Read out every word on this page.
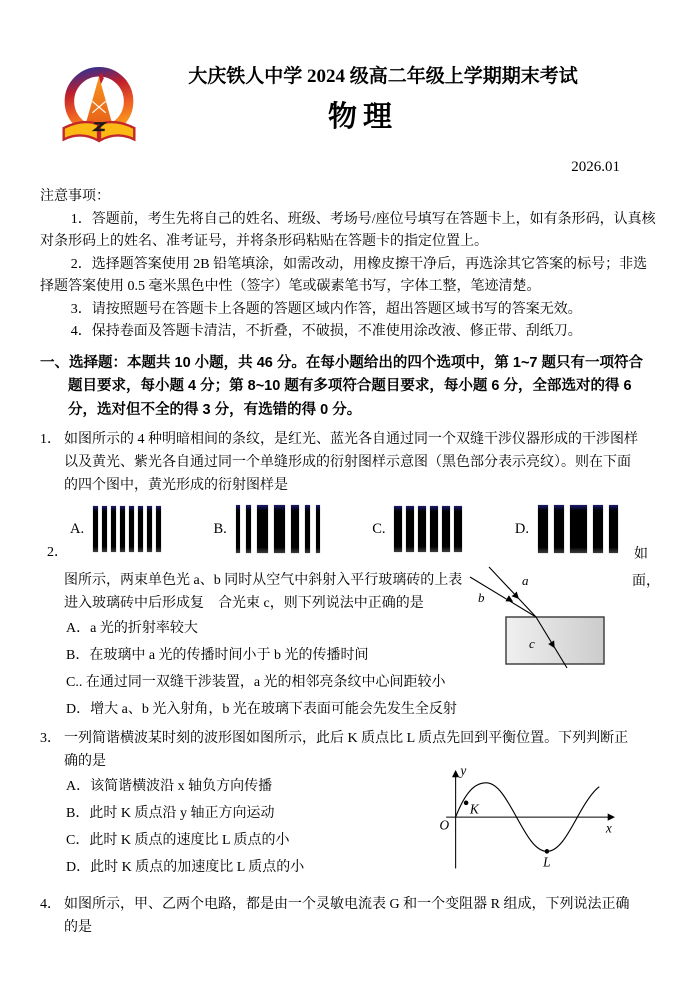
大庆铁人中学 2024 级高二年级上学期期末考试
物理
2026.01

注意事项：

1．答题前，考生先将自己的姓名、班级、考场号/座位号填写在答题卡上，如有条形码，认真核对条形码上的姓名、准考证号，并将条形码粘贴在答题卡的指定位置上。

2．选择题答案使用 2B 铅笔填涂，如需改动，用橡皮擦干净后，再选涂其它答案的标号；非选择题答案使用 0.5 毫米黑色中性（签字）笔或碳素笔书写，字体工整，笔迹清楚。

3．请按照题号在答题卡上各题的答题区域内作答，超出答题区域书写的答案无效。

4．保持卷面及答题卡清洁，不折叠，不破损，不准使用涂改液、修正带、刮纸刀。

一、选择题：本题共 10 小题，共 46 分。在每小题给出的四个选项中，第 1~7 题只有一项符合题目要求，每小题 4 分；第 8~10 题有多项符合题目要求，每小题 6 分，全部选对的得 6 分，选对但不全的得 3 分，有选错的得 0 分。

1． 如图所示的 4 种明暗相间的条纹，是红光、蓝光各自通过同一个双缝干涉仪器形成的干涉图样
以及黄光、紫光各自通过同一个单缝形成的衍射图样示意图（黑色部分表示亮纹）。则在下面
的四个图中，黄光形成的衍射图样是
A.	B.	C.	D.
2．	如
面，
a
b
c
图所示，两束单色光 a、b 同时从空气中斜射入平行玻璃砖的上表
进入玻璃砖中后形成复　合光束 c，则下列说法中正确的是
A．a 光的折射率较大
B．在玻璃中 a 光的传播时间小于 b 光的传播时间
C.. 在通过同一双缝干涉装置，a 光的相邻亮条纹中心间距较小
D．增大 a、b 光入射角，b 光在玻璃下表面可能会先发生全反射
3．
y
x
O
K
L
一列简谐横波某时刻的波形图如图所示，此后 K 质点比 L 质点先回到平衡位置。下列判断正
确的是
A．该简谐横波沿 x 轴负方向传播
B．此时 K 质点沿 y 轴正方向运动
C．此时 K 质点的速度比 L 质点的小
D．此时 K 质点的加速度比 L 质点的小
4． 如图所示，甲、乙两个电路，都是由一个灵敏电流表 G 和一个变阻器 R 组成，下列说法正确
的是
